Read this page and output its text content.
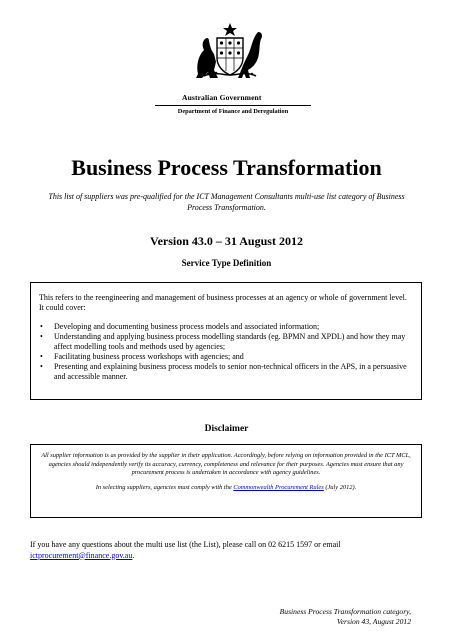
Australian Government
Department of Finance and Deregulation
Business Process Transformation
This list of suppliers was pre-qualified for the ICT Management Consultants multi-use list category of Business Process Transformation.
Version 43.0 – 31 August 2012
Service Type Definition

This refers to the reengineering and management of business processes at an agency or whole of government level. It could cover:

• Developing and documenting business process models and associated information;
• Understanding and applying business process modelling standards (eg. BPMN and XPDL) and how they may affect modelling tools and methods used by agencies;
• Facilitating business process workshops with agencies; and
• Presenting and explaining business process models to senior non-technical officers in the APS, in a persuasive and accessible manner.
Disclaimer

All supplier information is as provided by the supplier in their application. Accordingly, before relying on information provided in the ICT MCL, agencies should independently verify its accuracy, currency, completeness and relevance for their purposes. Agencies must ensure that any procurement process is undertaken in accordance with agency guidelines.

In selecting suppliers, agencies must comply with the Commonwealth Procurement Rules (July 2012).

If you have any questions about the multi use list (the List), please call on 02 6215 1597 or email ictprocurement@finance.gov.au.
Business Process Transformation category,
Version 43, August 2012
